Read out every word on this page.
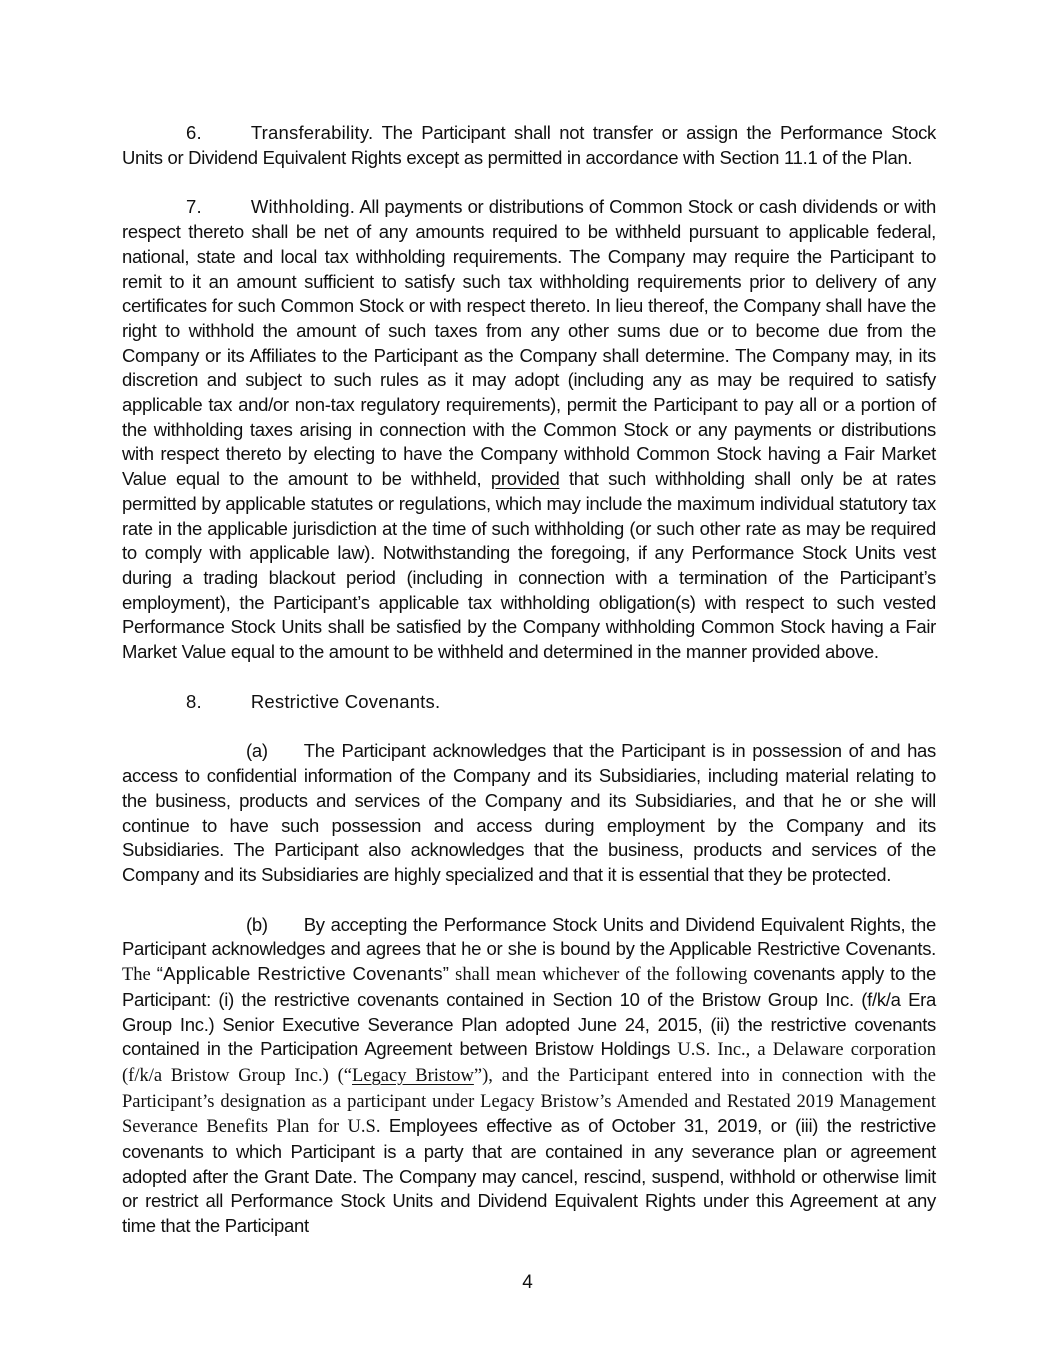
6.	Transferability. The Participant shall not transfer or assign the Performance Stock Units or Dividend Equivalent Rights except as permitted in accordance with Section 11.1 of the Plan.

7.	Withholding. All payments or distributions of Common Stock or cash dividends or with respect thereto shall be net of any amounts required to be withheld pursuant to applicable federal, national, state and local tax withholding requirements. The Company may require the Participant to remit to it an amount sufficient to satisfy such tax withholding requirements prior to delivery of any certificates for such Common Stock or with respect thereto. In lieu thereof, the Company shall have the right to withhold the amount of such taxes from any other sums due or to become due from the Company or its Affiliates to the Participant as the Company shall determine. The Company may, in its discretion and subject to such rules as it may adopt (including any as may be required to satisfy applicable tax and/or non-tax regulatory requirements), permit the Participant to pay all or a portion of the withholding taxes arising in connection with the Common Stock or any payments or distributions with respect thereto by electing to have the Company withhold Common Stock having a Fair Market Value equal to the amount to be withheld, provided that such withholding shall only be at rates permitted by applicable statutes or regulations, which may include the maximum individual statutory tax rate in the applicable jurisdiction at the time of such withholding (or such other rate as may be required to comply with applicable law). Notwithstanding the foregoing, if any Performance Stock Units vest during a trading blackout period (including in connection with a termination of the Participant’s employment), the Participant’s applicable tax withholding obligation(s) with respect to such vested Performance Stock Units shall be satisfied by the Company withholding Common Stock having a Fair Market Value equal to the amount to be withheld and determined in the manner provided above.

8.	Restrictive Covenants.

(a) The Participant acknowledges that the Participant is in possession of and has access to confidential information of the Company and its Subsidiaries, including material relating to the business, products and services of the Company and its Subsidiaries, and that he or she will continue to have such possession and access during employment by the Company and its Subsidiaries. The Participant also acknowledges that the business, products and services of the Company and its Subsidiaries are highly specialized and that it is essential that they be protected.

(b) By accepting the Performance Stock Units and Dividend Equivalent Rights, the Participant acknowledges and agrees that he or she is bound by the Applicable Restrictive Covenants. The “Applicable Restrictive Covenants” shall mean whichever of the following covenants apply to the Participant: (i) the restrictive covenants contained in Section 10 of the Bristow Group Inc. (f/k/a Era Group Inc.) Senior Executive Severance Plan adopted June 24, 2015, (ii) the restrictive covenants contained in the Participation Agreement between Bristow Holdings U.S. Inc., a Delaware corporation (f/k/a Bristow Group Inc.) (“Legacy Bristow”), and the Participant entered into in connection with the Participant’s designation as a participant under Legacy Bristow’s Amended and Restated 2019 Management Severance Benefits Plan for U.S. Employees effective as of October 31, 2019, or (iii) the restrictive covenants to which Participant is a party that are contained in any severance plan or agreement adopted after the Grant Date. The Company may cancel, rescind, suspend, withhold or otherwise limit or restrict all Performance Stock Units and Dividend Equivalent Rights under this Agreement at any time that the Participant

4
